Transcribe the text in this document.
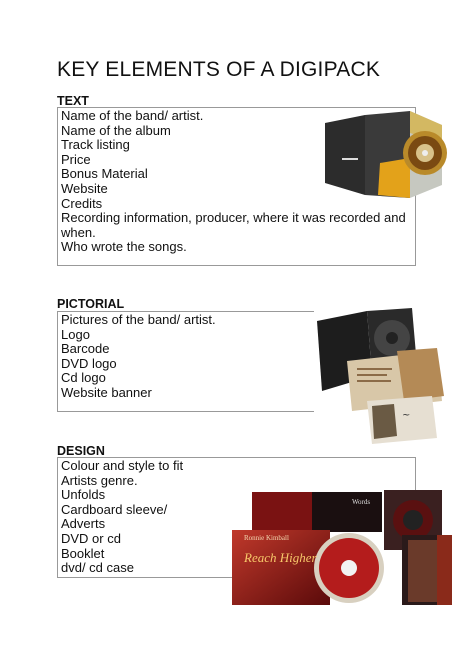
KEY ELEMENTS OF A DIGIPACK
TEXT
Name of the band/ artist.
Name of the album
Track listing
Price
Bonus Material
Website
Credits
Recording information, producer, where it was recorded and when.
Who wrote the songs.
PICTORIAL
Pictures of the band/ artist.
Logo
Barcode
DVD logo
Cd logo
Website banner
DESIGN
Colour and style to fit
Artists genre.
Unfolds
Cardboard sleeve/
Adverts
DVD or cd
Booklet
dvd/ cd case
~
Ronnie Kimball
Reach Higher
Words
